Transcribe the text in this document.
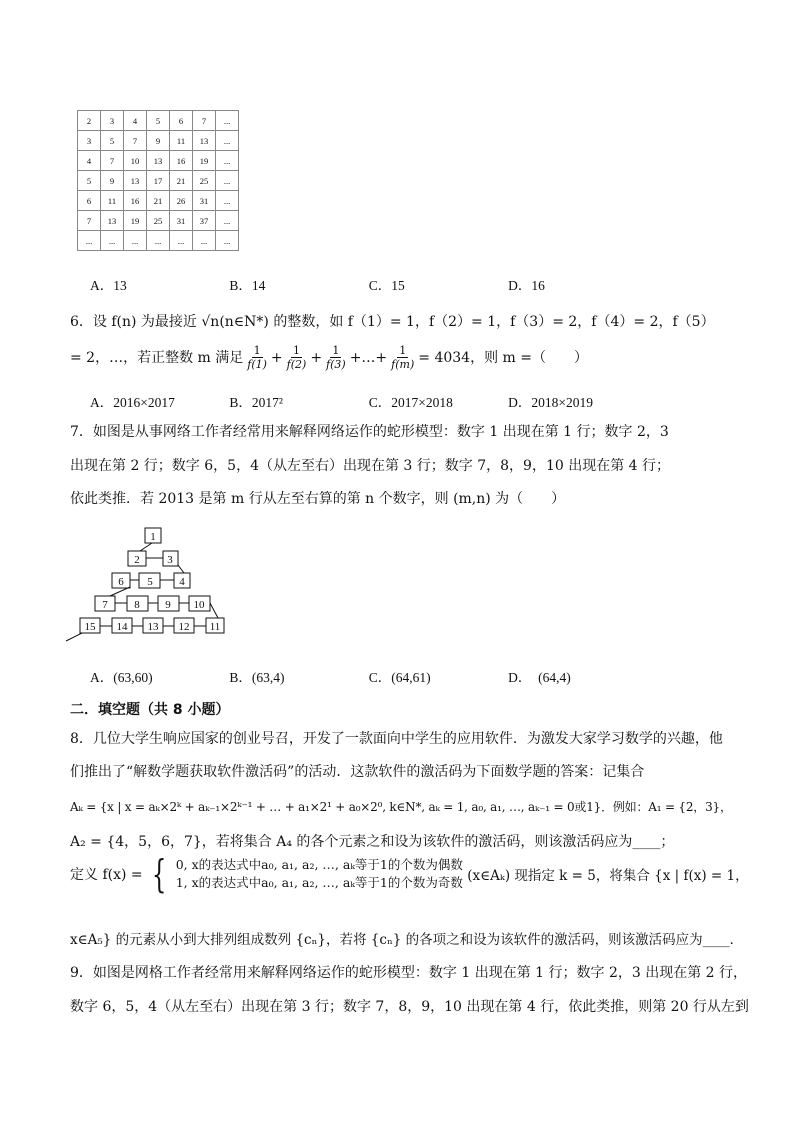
2	3	4	5	6	7	...
3	5	7	9	11	13	...
4	7	10	13	16	19	...
5	9	13	17	21	25	...
6	11	16	21	26	31	...
7	13	19	25	31	37	...
...	...	...	...	...	...	...
A．13	B．14	C．15	D．16
6．设 f(n) 为最接近 √n(n∈N*) 的整数，如 f（1）= 1，f（2）= 1，f（3）= 2，f（4）= 2，f（5）
= 2，…，若正整数 m 满足 $\frac{1}{f(1)} + \frac{1}{f(2)} + \frac{1}{f(3)}$ +…+ $\frac{1}{f(m)} = 4034$，则 m =（　　）
A．2016×2017	B．2017²	C．2017×2018	D．2018×2019
7．如图是从事网络工作者经常用来解释网络运作的蛇形模型：数字 1 出现在第 1 行；数字 2，3
出现在第 2 行；数字 6，5，4（从左至右）出现在第 3 行；数字 7，8，9，10 出现在第 4 行；
依此类推．若 2013 是第 m 行从左至右算的第 n 个数字，则 (m,n) 为（　　）
1
2	3
6 5 4
7 8 9 10
15 14 13 12 11
A．(63,60)	B．(63,4)	C．(64,61)	D．　(64,4)
二．填空题（共 8 小题）
8．几位大学生响应国家的创业号召，开发了一款面向中学生的应用软件．为激发大家学习数学的兴趣，他
们推出了“解数学题获取软件激活码”的活动．这款软件的激活码为下面数学题的答案：记集合
Aₖ = {x | x = aₖ×2ᵏ + aₖ₋₁×2ᵏ⁻¹ + … + a₁×2¹ + a₀×2⁰, k∈N*, aₖ = 1, a₀, a₁, …, aₖ₋₁ = 0或1}．例如：A₁ = {2，3}，
A₂ = {4，5，6，7}，若将集合 A₄ 的各个元素之和设为该软件的激活码，则该激活码应为____；
定义 f(x) = { 0, x的表达式中a₀, a₁, a₂, …, aₖ等于1的个数为偶数
1, x的表达式中a₀, a₁, a₂, …, aₖ等于1的个数为奇数 (x∈Aₖ) 现指定 k = 5，将集合 {x | f(x) = 1，
x∈A₅} 的元素从小到大排列组成数列 {cₙ}，若将 {cₙ} 的各项之和设为该软件的激活码，则该激活码应为____．
9．如图是网格工作者经常用来解释网络运作的蛇形模型：数字 1 出现在第 1 行；数字 2，3 出现在第 2 行，
数字 6，5，4（从左至右）出现在第 3 行；数字 7，8，9，10 出现在第 4 行，依此类推，则第 20 行从左到
